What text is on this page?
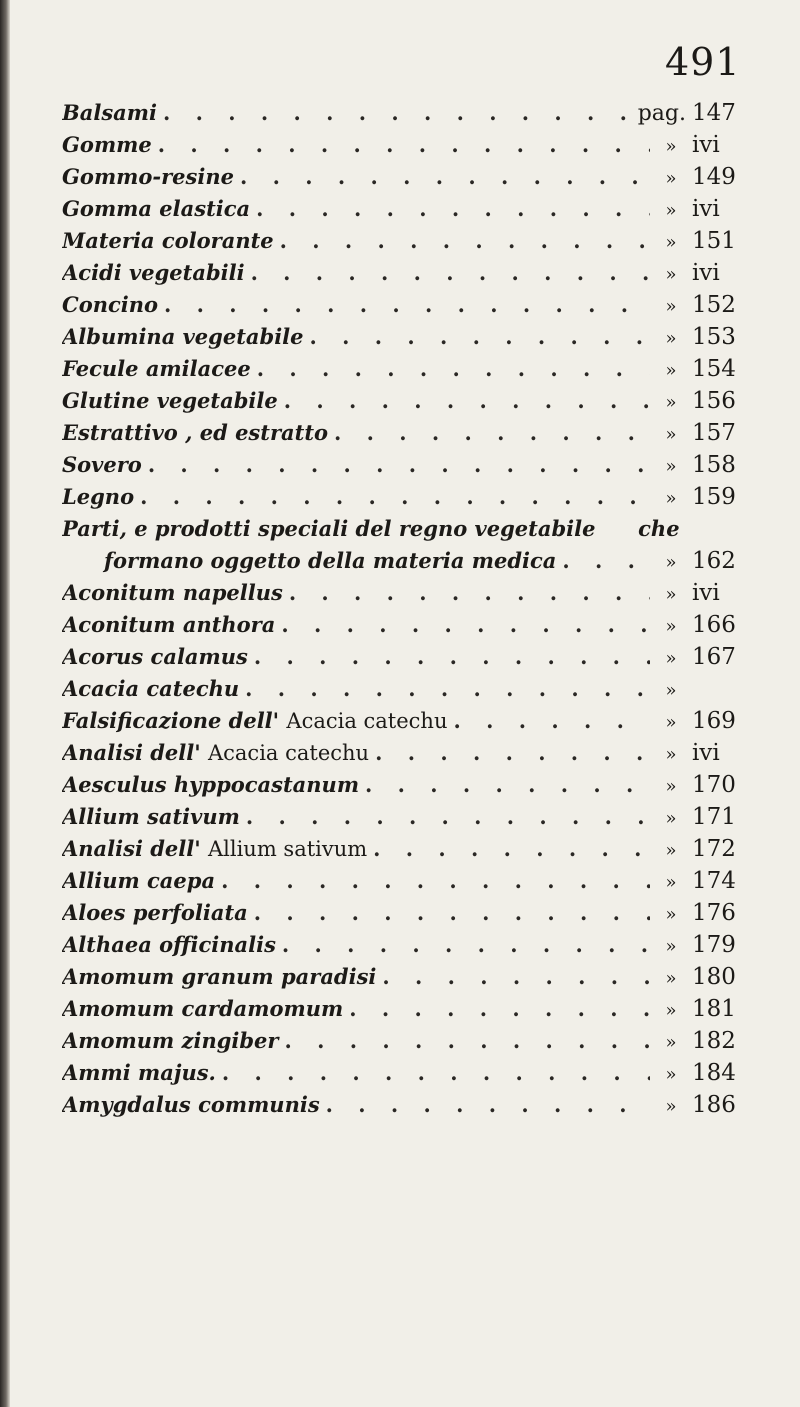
491
Balsami . . .	pag. 147
Gomme . . .	» ivi
Gommo-resine . . .	» 149
Gomma elastica . . .	» ivi
Materia colorante . . .	» 151
Acidi vegetabili . . .	» ivi
Concino . . .	» 152
Albumina vegetabile . . .	» 153
Fecule amilacee . . .	» 154
Glutine vegetabile . . .	» 156
Estrattivo , ed estratto . . .	» 157
Sovero . . .	» 158
Legno . . .	» 159
Parti, e prodotti speciali del regno vegetabile che
formano oggetto della materia medica . . .	» 162
Aconitum napellus . . .	» ivi
Aconitum anthora . . .	» 166
Acorus calamus . . .	» 167
Acacia catechu . . .	»
Falsificazione dell' Acacia catechu . . .	» 169
Analisi dell' Acacia catechu . . .	» ivi
Aesculus hyppocastanum . . .	» 170
Allium sativum . . .	» 171
Analisi dell' Allium sativum . . .	» 172
Allium caepa . . .	» 174
Aloes perfoliata . . .	» 176
Althaea officinalis . . .	» 179
Amomum granum paradisi . . .	» 180
Amomum cardamomum . . .	» 181
Amomum zingiber . . .	» 182
Ammi majus. . . .	» 184
Amygdalus communis . . .	» 186
